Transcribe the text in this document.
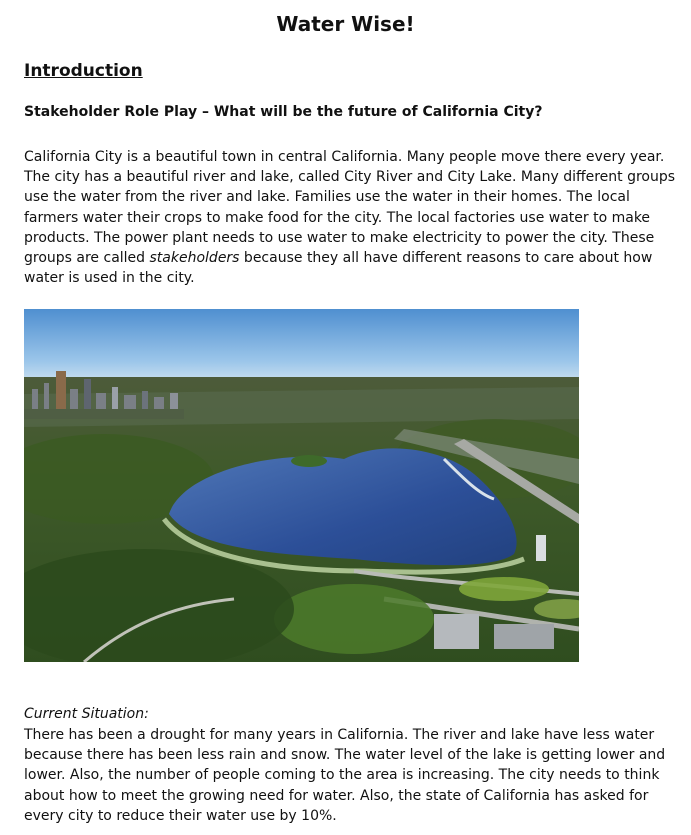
Water Wise!
Introduction
Stakeholder Role Play – What will be the future of California City?
California City is a beautiful town in central California. Many people move there every year. The city has a beautiful river and lake, called City River and City Lake. Many different groups use the water from the river and lake. Families use the water in their homes. The local farmers water their crops to make food for the city. The local factories use water to make products. The power plant needs to use water to make electricity to power the city. These groups are called stakeholders because they all have different reasons to care about how water is used in the city.
Current Situation:
There has been a drought for many years in California. The river and lake have less water because there has been less rain and snow. The water level of the lake is getting lower and lower. Also, the number of people coming to the area is increasing. The city needs to think about how to meet the growing need for water. Also, the state of California has asked for every city to reduce their water use by 10%.
